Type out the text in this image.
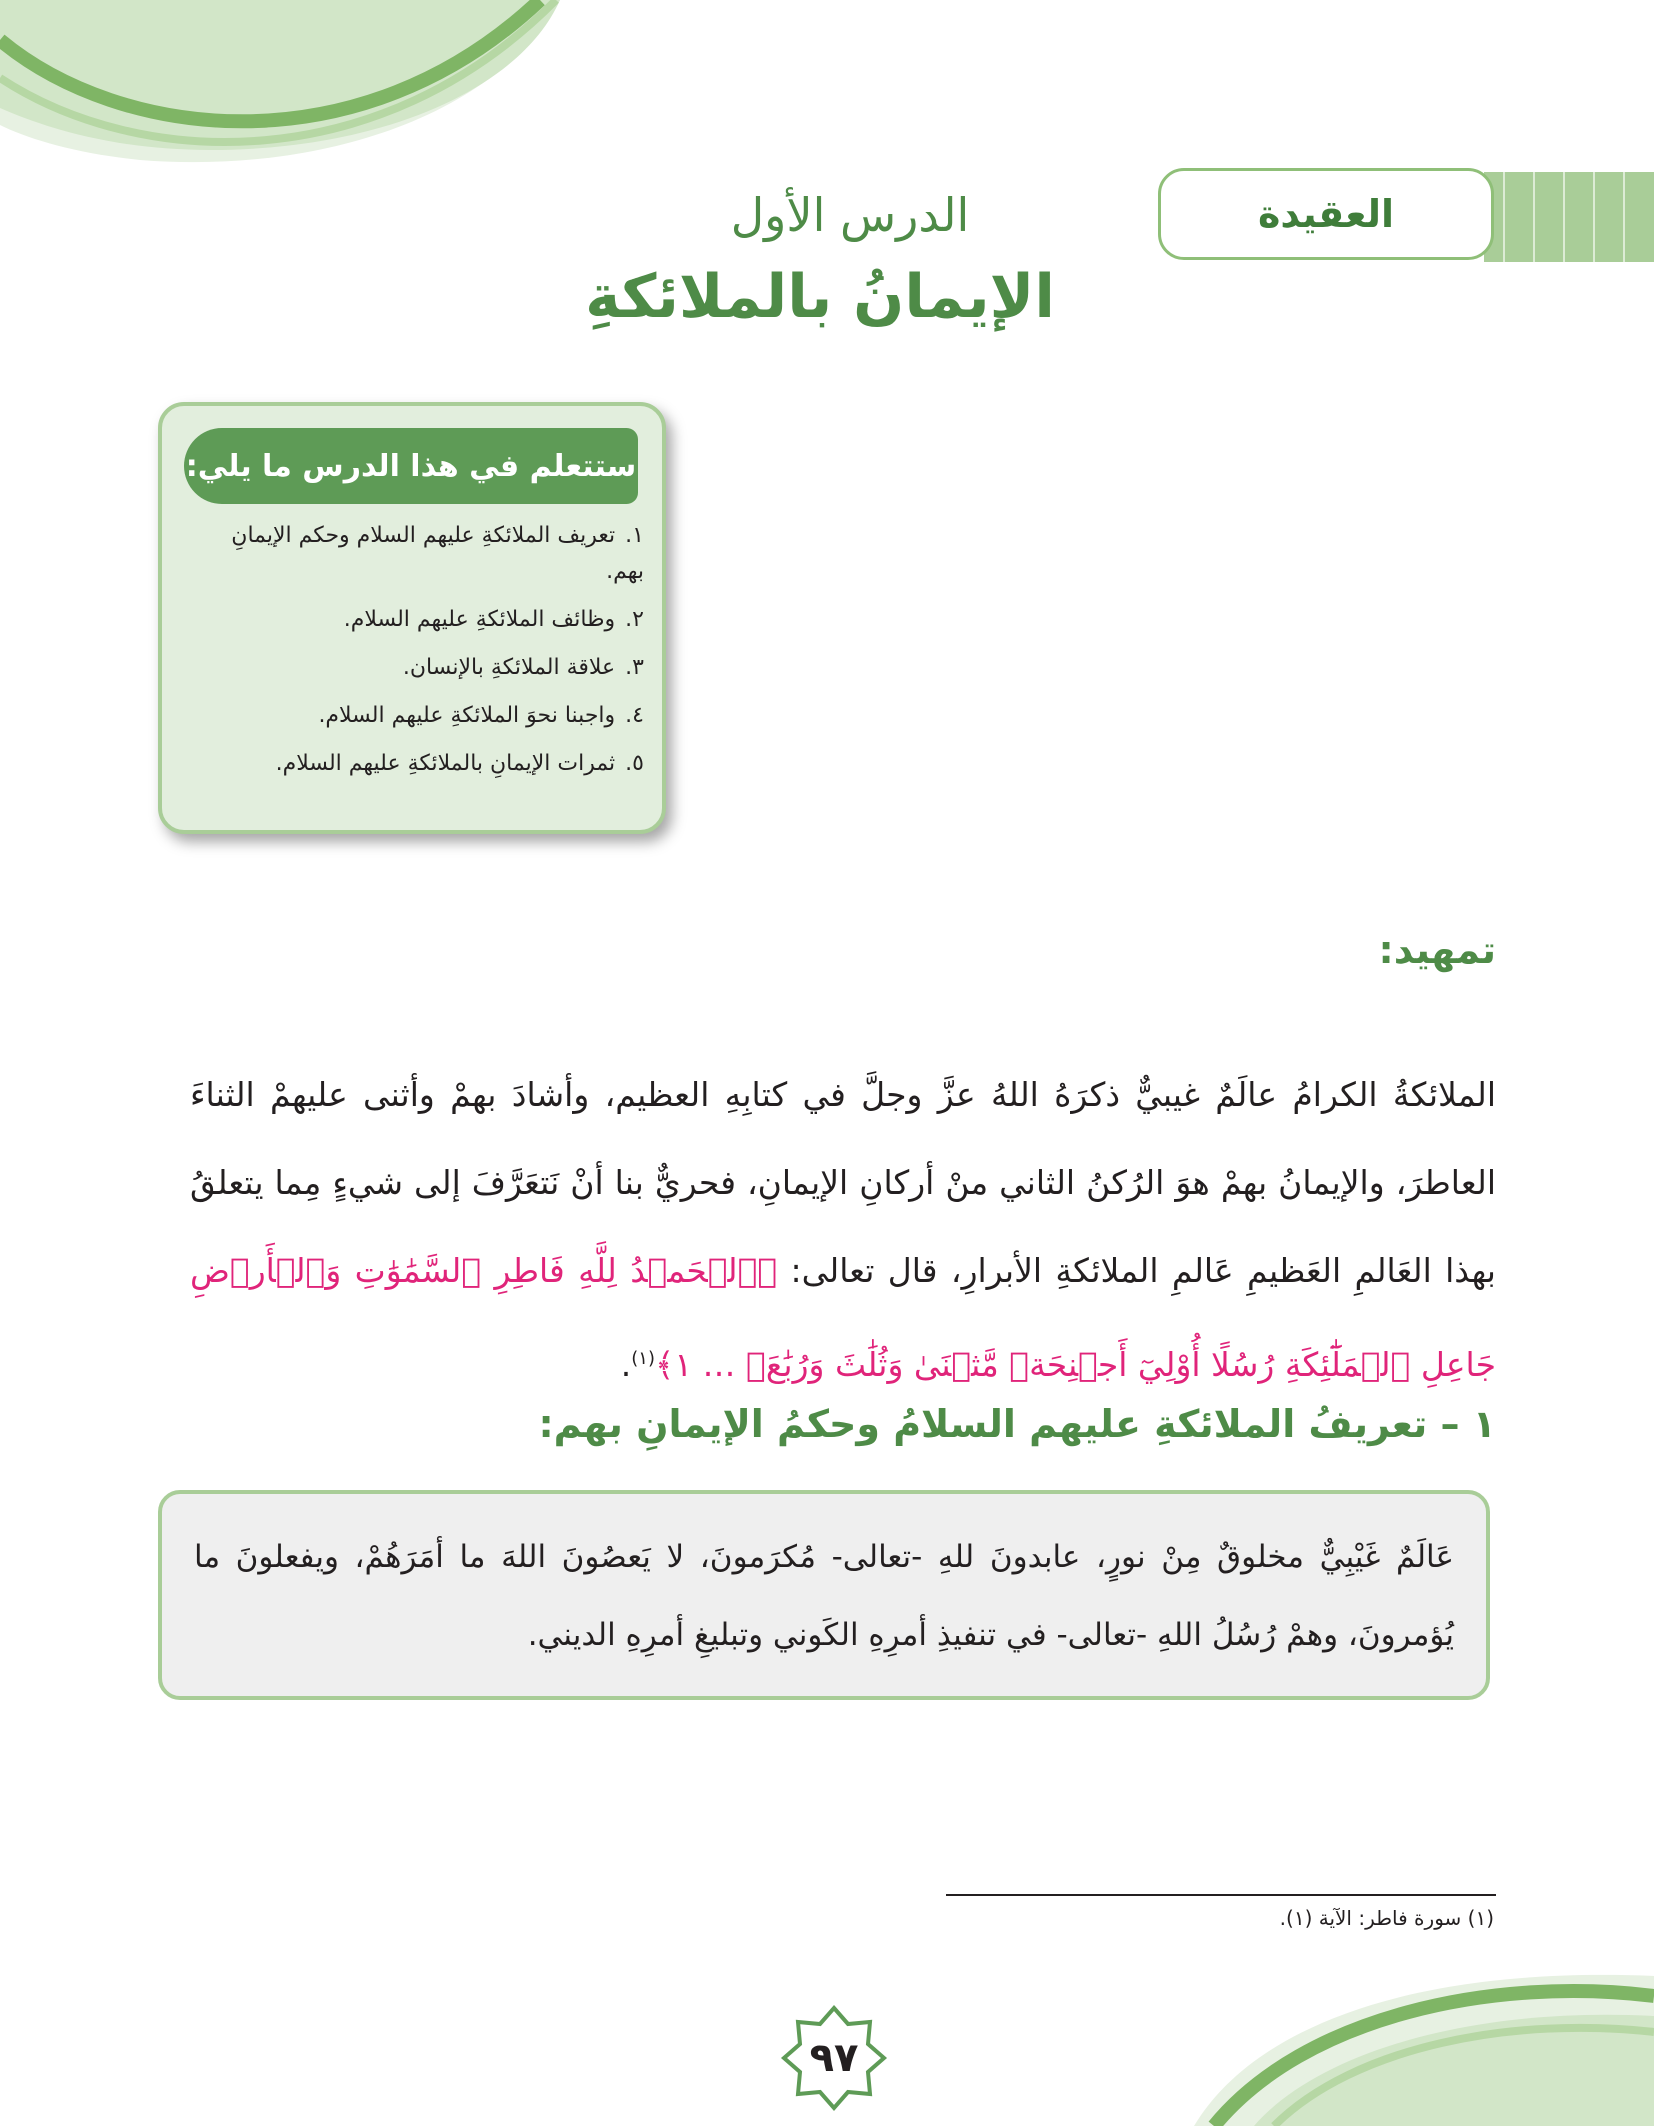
العقيدة
الدرس الأول
الإيمانُ بالملائكةِ
ستتعلم في هذا الدرس ما يلي:
١.تعريف الملائكةِ عليهم السلام وحكم الإيمانِ بهم.
٢.وظائف الملائكةِ عليهم السلام.
٣.علاقة الملائكةِ بالإنسان.
٤.واجبنا نحوَ الملائكةِ عليهم السلام.
٥.ثمرات الإيمانِ بالملائكةِ عليهم السلام.
تمهيد:

الملائكةُ الكرامُ عالَمٌ غيبيٌّ ذكرَهُ اللهُ عزَّ وجلَّ في كتابِهِ العظيم، وأشادَ بهمْ وأثنى عليهمْ الثناءَ العاطرَ، والإيمانُ بهمْ هوَ الرُكنُ الثاني منْ أركانِ الإيمانِ، فحريٌّ بنا أنْ نَتعَرَّفَ إلى شيءٍ مِما يتعلقُ بهذا العَالمِ العَظيمِ عَالمِ الملائكةِ الأبرارِ، قال تعالى: ﴿ٱلۡحَمۡدُ لِلَّهِ فَاطِرِ ٱلسَّمَٰوَٰتِ وَٱلۡأَرۡضِ جَاعِلِ ٱلۡمَلَٰٓئِكَةِ رُسُلًا أُوْلِيٓ أَجۡنِحَةٖ مَّثۡنَىٰ وَثُلَٰثَ وَرُبَٰعَۚ … ١﴾$^{(١)}$.

١ – تعريفُ الملائكةِ عليهم السلامُ وحكمُ الإيمانِ بهم:
عَالَمٌ غَيْبِيٌّ مخلوقٌ مِنْ نورٍ، عابدونَ للهِ -تعالى- مُكرَمونَ، لا يَعصُونَ اللهَ ما أمَرَهُمْ، ويفعلونَ ما يُؤمرونَ، وهمْ رُسُلُ اللهِ -تعالى- في تنفيذِ أمرِهِ الكَوني وتبليغِ أمرِهِ الديني.
(١) سورة فاطر: الآية (١).
٩٧
